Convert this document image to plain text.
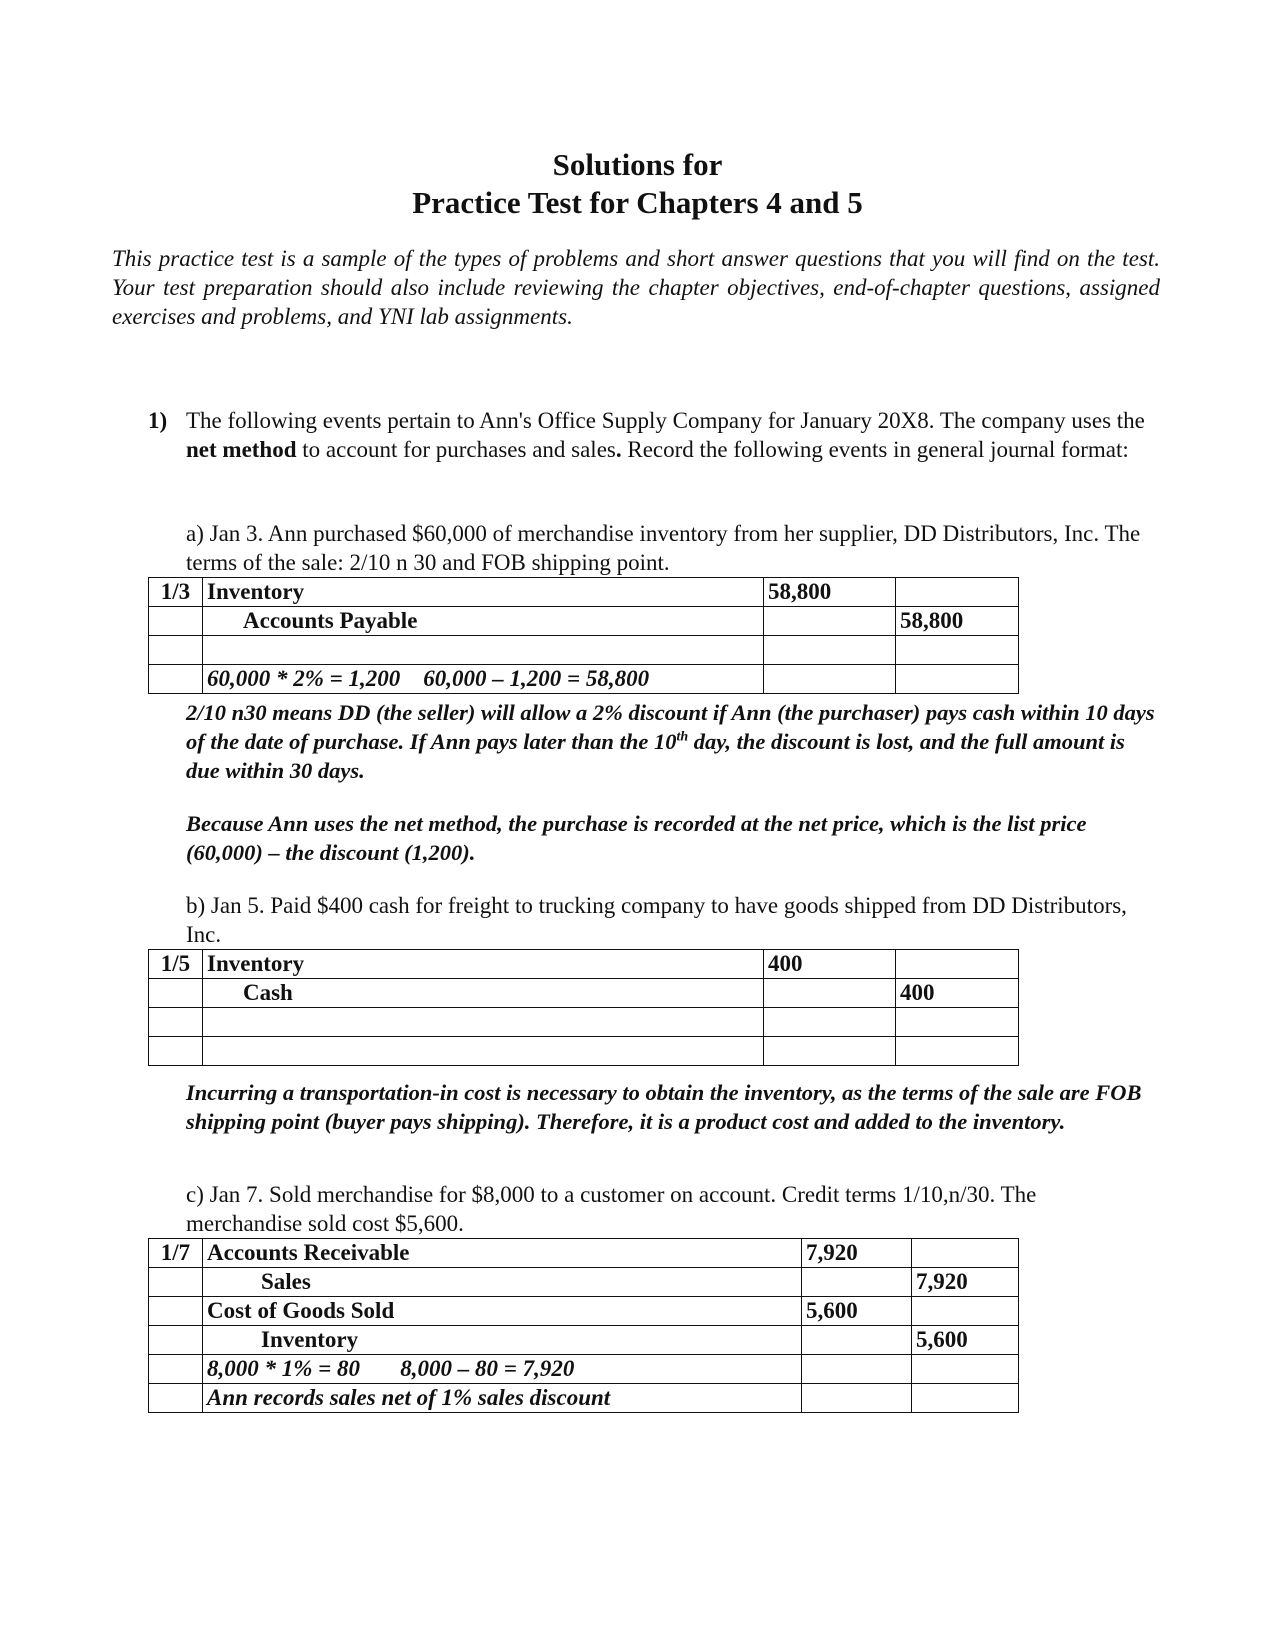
Solutions for
Practice Test for Chapters 4 and 5
This practice test is a sample of the types of problems and short answer questions that you will find on the test. Your test preparation should also include reviewing the chapter objectives, end-of-chapter questions, assigned exercises and problems, and YNI lab assignments.
1) The following events pertain to Ann's Office Supply Company for January 20X8. The company uses the net method to account for purchases and sales. Record the following events in general journal format:
a) Jan 3. Ann purchased $60,000 of merchandise inventory from her supplier, DD Distributors, Inc. The terms of the sale: 2/10 n 30 and FOB shipping point.
1/3	Inventory	58,800	
	Accounts Payable		58,800

	60,000 * 2% = 1,200    60,000 – 1,200 = 58,800		
2/10 n30 means DD (the seller) will allow a 2% discount if Ann (the purchaser) pays cash within 10 days of the date of purchase. If Ann pays later than the 10th day, the discount is lost, and the full amount is due within 30 days.
Because Ann uses the net method, the purchase is recorded at the net price, which is the list price (60,000) – the discount (1,200).
b) Jan 5. Paid $400 cash for freight to trucking company to have goods shipped from DD Distributors, Inc.
1/5	Inventory	400	
	Cash		400

Incurring a transportation-in cost is necessary to obtain the inventory, as the terms of the sale are FOB shipping point (buyer pays shipping). Therefore, it is a product cost and added to the inventory.
c) Jan 7. Sold merchandise for $8,000 to a customer on account. Credit terms 1/10,n/30. The merchandise sold cost $5,600.
1/7	Accounts Receivable	7,920	
	Sales		7,920
	Cost of Goods Sold	5,600	
	Inventory		5,600
	8,000 * 1% = 80       8,000 – 80 = 7,920		
	Ann records sales net of 1% sales discount		
